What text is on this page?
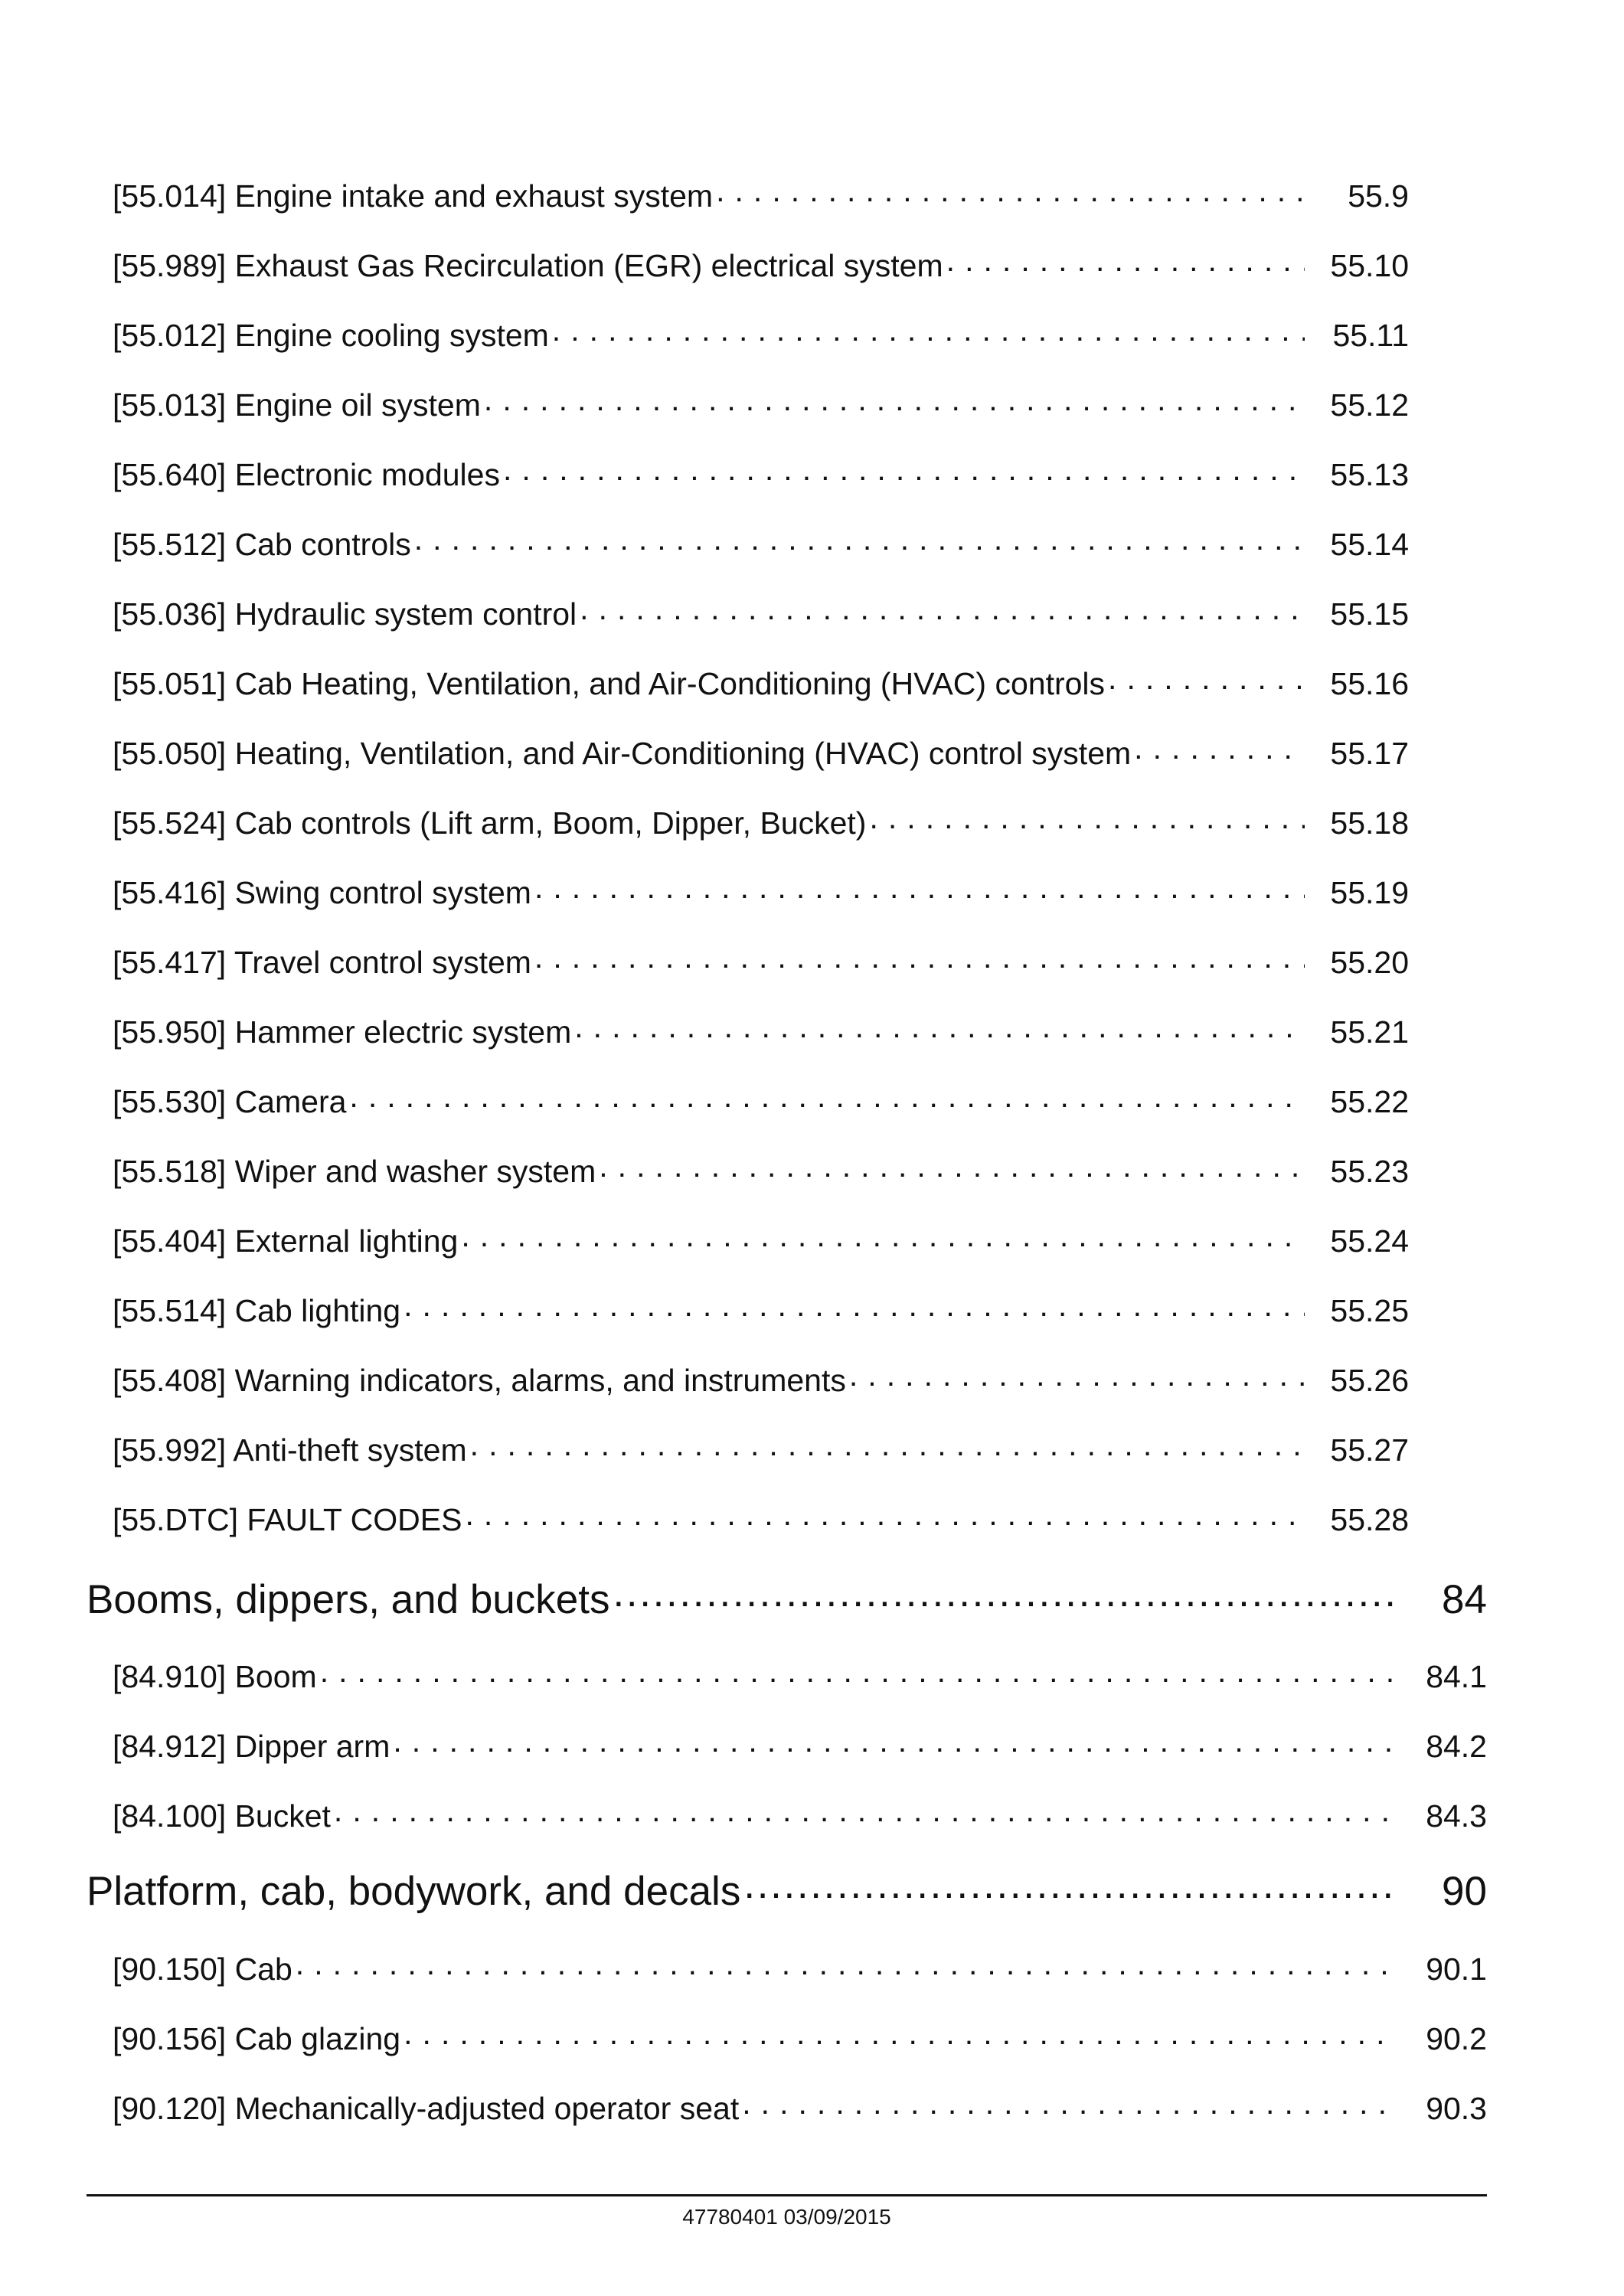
[55.014] Engine intake and exhaust system . . .	55.9
[55.989] Exhaust Gas Recirculation (EGR) electrical system . . .	55.10
[55.012] Engine cooling system . . .	55.11
[55.013] Engine oil system . . .	55.12
[55.640] Electronic modules . . .	55.13
[55.512] Cab controls . . .	55.14
[55.036] Hydraulic system control . . .	55.15
[55.051] Cab Heating, Ventilation, and Air-Conditioning (HVAC) controls . . .	55.16
[55.050] Heating, Ventilation, and Air-Conditioning (HVAC) control system . . .	55.17
[55.524] Cab controls (Lift arm, Boom, Dipper, Bucket) . . .	55.18
[55.416] Swing control system . . .	55.19
[55.417] Travel control system . . .	55.20
[55.950] Hammer electric system . . .	55.21
[55.530] Camera . . .	55.22
[55.518] Wiper and washer system . . .	55.23
[55.404] External lighting . . .	55.24
[55.514] Cab lighting . . .	55.25
[55.408] Warning indicators, alarms, and instruments . . .	55.26
[55.992] Anti-theft system . . .	55.27
[55.DTC] FAULT CODES . . .	55.28
Booms, dippers, and buckets .....	84
[84.910] Boom . . .	84.1
[84.912] Dipper arm . . .	84.2
[84.100] Bucket . . .	84.3
Platform, cab, bodywork, and decals .....	90
[90.150] Cab . . .	90.1
[90.156] Cab glazing . . .	90.2
[90.120] Mechanically-adjusted operator seat . . .	90.3
47780401 03/09/2015
